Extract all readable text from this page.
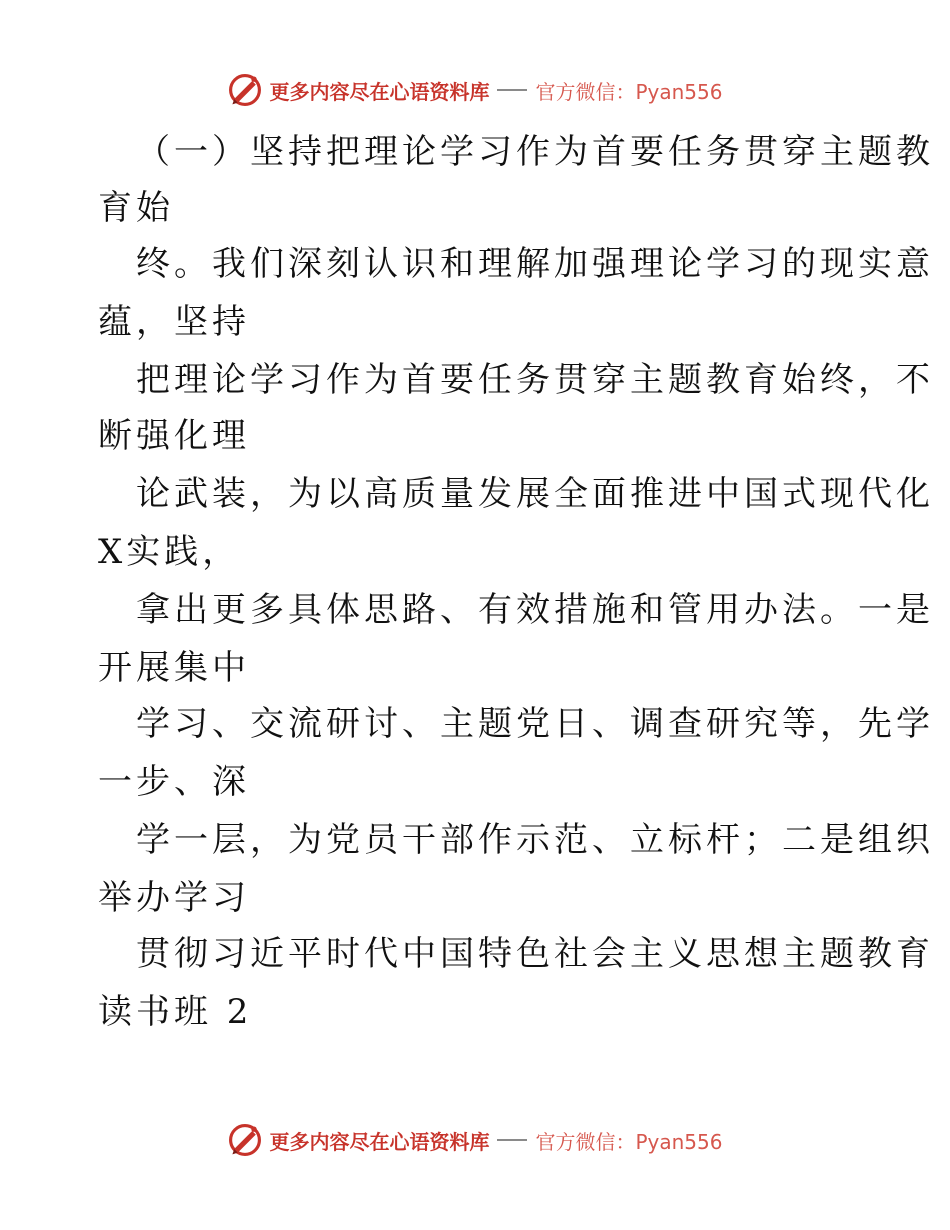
更多内容尽在心语资料库 官方微信：Pyan556
（一）坚持把理论学习作为首要任务贯穿主题教
育始
终。我们深刻认识和理解加强理论学习的现实意
蕴，坚持
把理论学习作为首要任务贯穿主题教育始终，不
断强化理
论武装，为以高质量发展全面推进中国式现代化
X实践，
拿出更多具体思路、有效措施和管用办法。一是
开展集中
学习、交流研讨、主题党日、调查研究等，先学
一步、深
学一层，为党员干部作示范、立标杆；二是组织
举办学习
贯彻习近平时代中国特色社会主义思想主题教育
读书班 2
更多内容尽在心语资料库 官方微信：Pyan556
